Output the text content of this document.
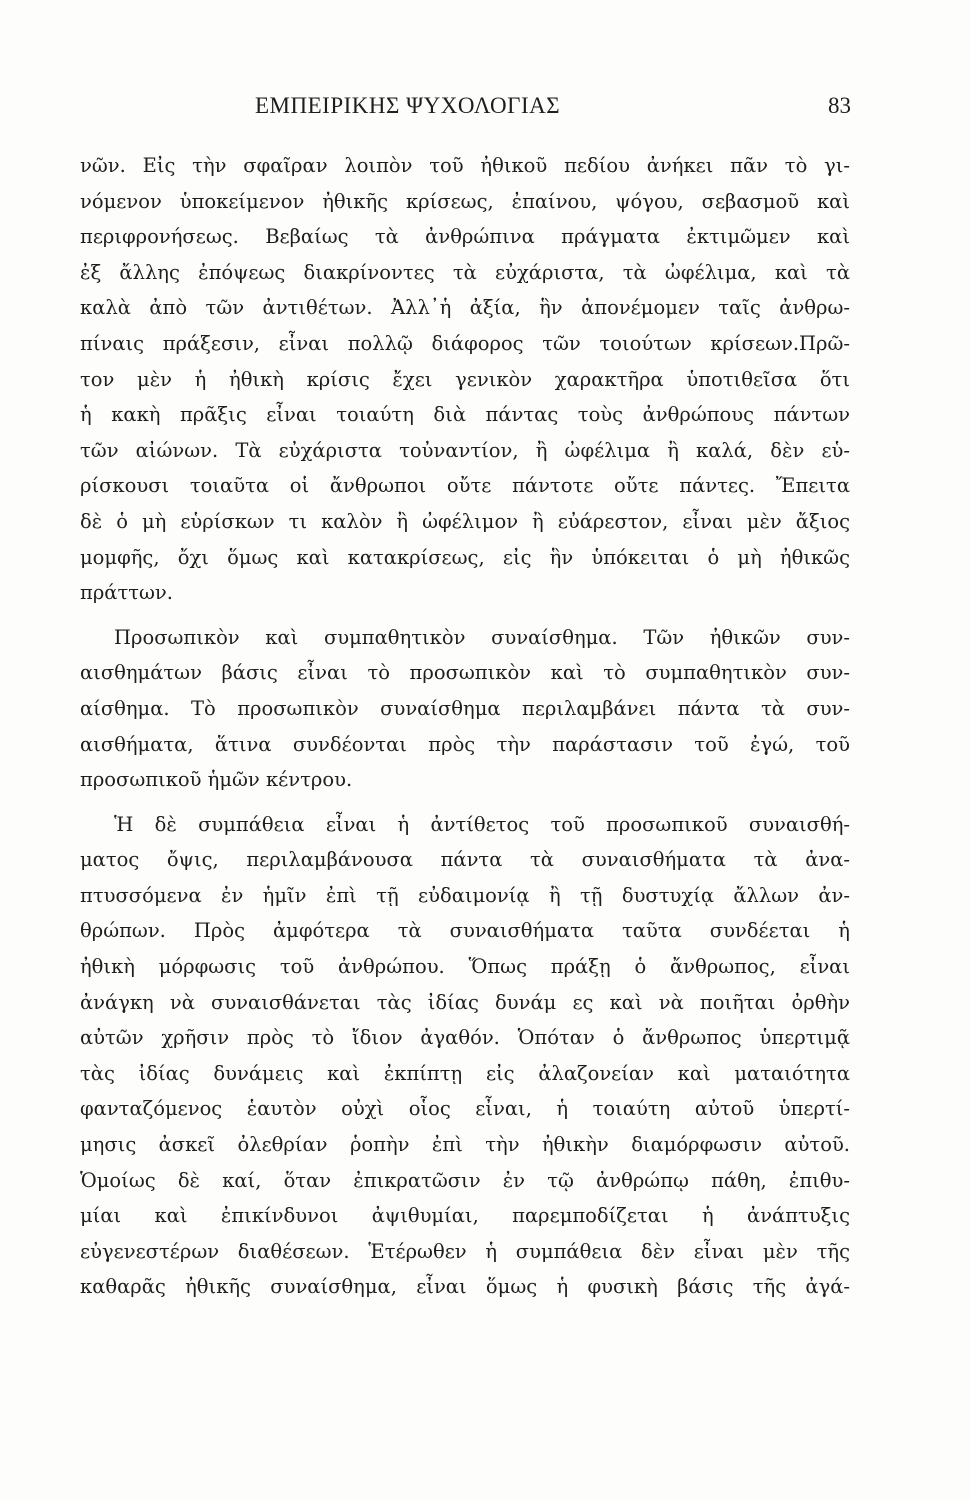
ΕΜΠΕΙΡΙΚΗΣ ΨΥΧΟΛΟΓΙΑΣ	83
νῶν. Εἰς τὴν σφαῖραν λοιπὸν τοῦ ἠθικοῦ πεδίου ἀνήκει πᾶν τὸ γι-
νόμενον ὑποκείμενον ἠθικῆς κρίσεως, ἐπαίνου, ψόγου, σεβασμοῦ καὶ
περιφρονήσεως. Βεβαίως τὰ ἀνθρώπινα πράγματα ἐκτιμῶμεν καὶ
ἐξ ἄλλης ἐπόψεως διακρίνοντες τὰ εὐχάριστα, τὰ ὠφέλιμα, καὶ τὰ
καλὰ ἀπὸ τῶν ἀντιθέτων. Ἀλλ᾽ἡ ἀξία, ἣν ἀπονέμομεν ταῖς ἀνθρω-
πίναις πράξεσιν, εἶναι πολλῷ διάφορος τῶν τοιούτων κρίσεων.Πρῶ-
τον μὲν ἡ ἠθικὴ κρίσις ἔχει γενικὸν χαρακτῆρα ὑποτιθεῖσα ὅτι
ἡ κακὴ πρᾶξις εἶναι τοιαύτη διὰ πάντας τοὺς ἀνθρώπους πάντων
τῶν αἰώνων. Τὰ εὐχάριστα τοὐναντίον, ἢ ὠφέλιμα ἢ καλά, δὲν εὑ-
ρίσκουσι τοιαῦτα οἱ ἄνθρωποι οὔτε πάντοτε οὔτε πάντες. Ἔπειτα
δὲ ὁ μὴ εὑρίσκων τι καλὸν ἢ ὠφέλιμον ἢ εὐάρεστον, εἶναι μὲν ἄξιος
μομφῆς, ὄχι ὅμως καὶ κατακρίσεως, εἰς ἣν ὑπόκειται ὁ μὴ ἠθικῶς
πράττων.
Προσωπικὸν καὶ συμπαθητικὸν συναίσθημα. Τῶν ἠθικῶν συν-
αισθημάτων βάσις εἶναι τὸ προσωπικὸν καὶ τὸ συμπαθητικὸν συν-
αίσθημα. Τὸ προσωπικὸν συναίσθημα περιλαμβάνει πάντα τὰ συν-
αισθήματα, ἅτινα συνδέονται πρὸς τὴν παράστασιν τοῦ ἐγώ, τοῦ
προσωπικοῦ ἡμῶν κέντρου.
Ἡ δὲ συμπάθεια εἶναι ἡ ἀντίθετος τοῦ προσωπικοῦ συναισθή-
ματος ὄψις, περιλαμβάνουσα πάντα τὰ συναισθήματα τὰ ἀνα-
πτυσσόμενα ἐν ἡμῖν ἐπὶ τῇ εὐδαιμονίᾳ ἢ τῇ δυστυχίᾳ ἄλλων ἀν-
θρώπων. Πρὸς ἀμφότερα τὰ συναισθήματα ταῦτα συνδέεται ἡ
ἠθικὴ μόρφωσις τοῦ ἀνθρώπου. Ὅπως πράξῃ ὁ ἄνθρωπος, εἶναι
ἀνάγκη νὰ συναισθάνεται τὰς ἰδίας δυνάμ ες καὶ νὰ ποιῆται ὀρθὴν
αὐτῶν χρῆσιν πρὸς τὸ ἴδιον ἀγαθόν. Ὁπόταν ὁ ἄνθρωπος ὑπερτιμᾷ
τὰς ἰδίας δυνάμεις καὶ ἐκπίπτῃ εἰς ἀλαζονείαν καὶ ματαιότητα
φανταζόμενος ἑαυτὸν οὐχὶ οἷος εἶναι, ἡ τοιαύτη αὐτοῦ ὑπερτί-
μησις ἀσκεῖ ὀλεθρίαν ῥοπὴν ἐπὶ τὴν ἠθικὴν διαμόρφωσιν αὐτοῦ.
Ὁμοίως δὲ καί, ὅταν ἐπικρατῶσιν ἐν τῷ ἀνθρώπῳ πάθη, ἐπιθυ-
μίαι καὶ ἐπικίνδυνοι ἀψιθυμίαι, παρεμποδίζεται ἡ ἀνάπτυξις
εὐγενεστέρων διαθέσεων. Ἑτέρωθεν ἡ συμπάθεια δὲν εἶναι μὲν τῆς
καθαρᾶς ἠθικῆς συναίσθημα, εἶναι ὅμως ἡ φυσικὴ βάσις τῆς ἀγά-
